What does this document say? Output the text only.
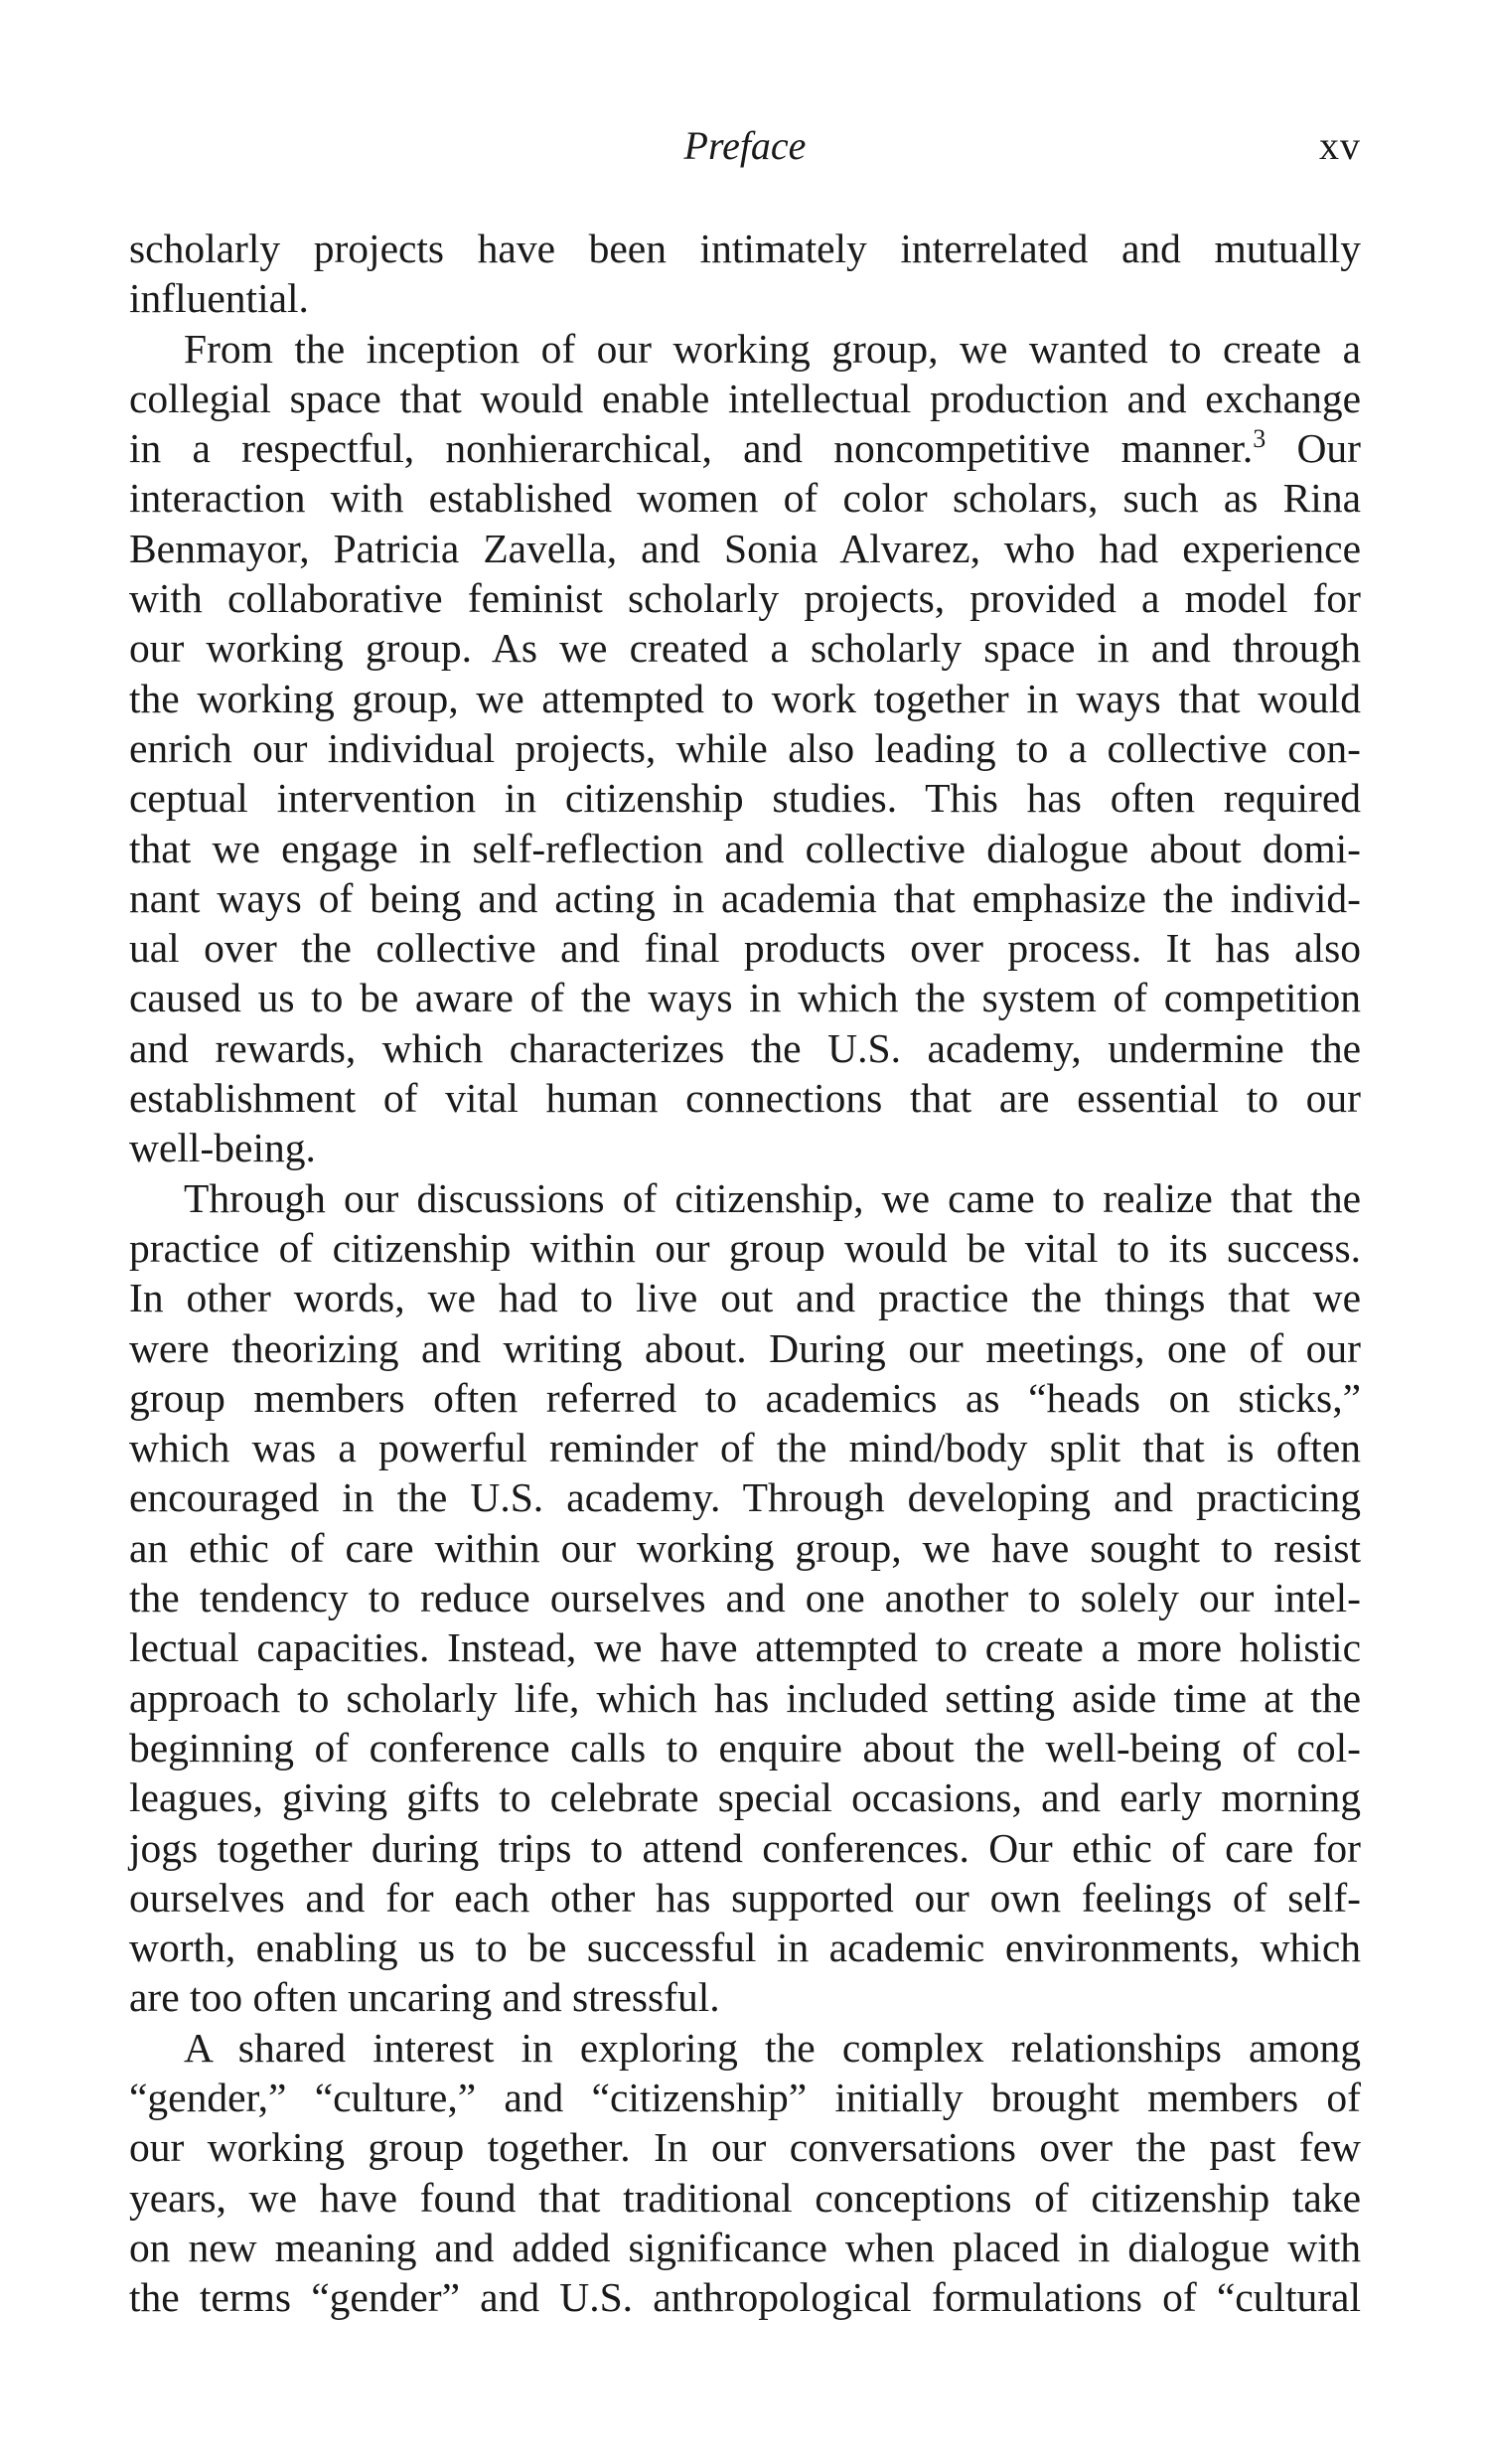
Preface	xv
scholarly projects have been intimately interrelated and mutually
influential.
From the inception of our working group, we wanted to create a
collegial space that would enable intellectual production and exchange
in a respectful, nonhierarchical, and noncompetitive manner.$^3$ Our
interaction with established women of color scholars, such as Rina
Benmayor, Patricia Zavella, and Sonia Alvarez, who had experience
with collaborative feminist scholarly projects, provided a model for
our working group. As we created a scholarly space in and through
the working group, we attempted to work together in ways that would
enrich our individual projects, while also leading to a collective con-
ceptual intervention in citizenship studies. This has often required
that we engage in self-reflection and collective dialogue about domi-
nant ways of being and acting in academia that emphasize the individ-
ual over the collective and final products over process. It has also
caused us to be aware of the ways in which the system of competition
and rewards, which characterizes the U.S. academy, undermine the
establishment of vital human connections that are essential to our
well-being.
Through our discussions of citizenship, we came to realize that the
practice of citizenship within our group would be vital to its success.
In other words, we had to live out and practice the things that we
were theorizing and writing about. During our meetings, one of our
group members often referred to academics as “heads on sticks,”
which was a powerful reminder of the mind/body split that is often
encouraged in the U.S. academy. Through developing and practicing
an ethic of care within our working group, we have sought to resist
the tendency to reduce ourselves and one another to solely our intel-
lectual capacities. Instead, we have attempted to create a more holistic
approach to scholarly life, which has included setting aside time at the
beginning of conference calls to enquire about the well-being of col-
leagues, giving gifts to celebrate special occasions, and early morning
jogs together during trips to attend conferences. Our ethic of care for
ourselves and for each other has supported our own feelings of self-
worth, enabling us to be successful in academic environments, which
are too often uncaring and stressful.
A shared interest in exploring the complex relationships among
“gender,” “culture,” and “citizenship” initially brought members of
our working group together. In our conversations over the past few
years, we have found that traditional conceptions of citizenship take
on new meaning and added significance when placed in dialogue with
the terms “gender” and U.S. anthropological formulations of “cultural
